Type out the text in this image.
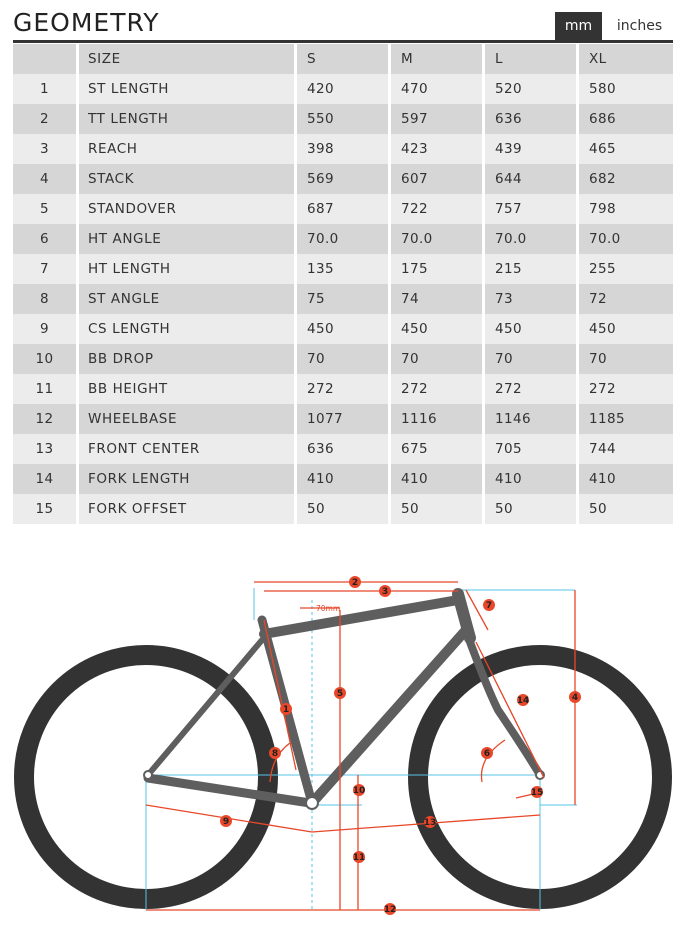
GEOMETRY	mm	inches
	SIZE	S	M	L	XL
1	ST LENGTH	420	470	520	580
2	TT LENGTH	550	597	636	686
3	REACH	398	423	439	465
4	STACK	569	607	644	682
5	STANDOVER	687	722	757	798
6	HT ANGLE	70.0	70.0	70.0	70.0
7	HT LENGTH	135	175	215	255
8	ST ANGLE	75	74	73	72
9	CS LENGTH	450	450	450	450
10	BB DROP	70	70	70	70
11	BB HEIGHT	272	272	272	272
12	WHEELBASE	1077	1116	1146	1185
13	FRONT CENTER	636	675	705	744
14	FORK LENGTH	410	410	410	410
15	FORK OFFSET	50	50	50	50
70mm
1
2
3
4
5
6
7
8
9
10
11
12
13
14
15
